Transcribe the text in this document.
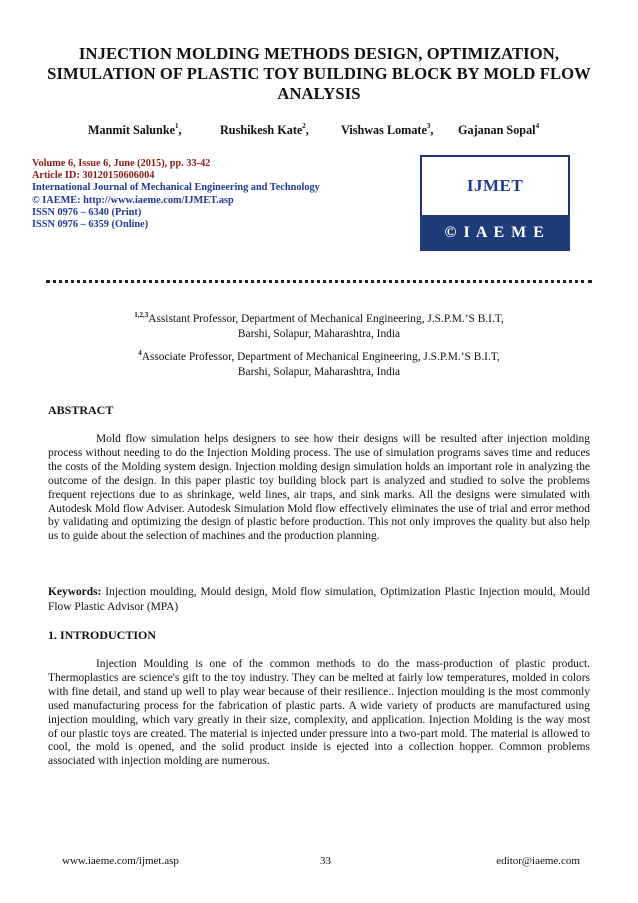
INJECTION MOLDING METHODS DESIGN, OPTIMIZATION, SIMULATION OF PLASTIC TOY BUILDING BLOCK BY MOLD FLOW ANALYSIS
Manmit Salunke$^1$,	Rushikesh Kate$^2$,	Vishwas Lomate$^3$, Gajanan Sopal$^4$
Volume 6, Issue 6, June (2015), pp. 33-42
Article ID: 30120150606004
International Journal of Mechanical Engineering and Technology
© IAEME: http://www.iaeme.com/IJMET.asp
ISSN 0976 – 6340 (Print)
ISSN 0976 – 6359 (Online)
IJMET
© I A E M E
$^{1,2,3}$Assistant Professor, Department of Mechanical Engineering, J.S.P.M.’S B.I.T,
Barshi, Solapur, Maharashtra, India
$^4$Associate Professor, Department of Mechanical Engineering, J.S.P.M.’S B.I.T,
Barshi, Solapur, Maharashtra, India
ABSTRACT
Mold flow simulation helps designers to see how their designs will be resulted after injection molding process without needing to do the Injection Molding process. The use of simulation programs saves time and reduces the costs of the Molding system design. Injection molding design simulation holds an important role in analyzing the outcome of the design. In this paper plastic toy building block part is analyzed and studied to solve the problems frequent rejections due to as shrinkage, weld lines, air traps, and sink marks. All the designs were simulated with Autodesk Mold flow Adviser. Autodesk Simulation Mold flow effectively eliminates the use of trial and error method by validating and optimizing the design of plastic before production. This not only improves the quality but also help us to guide about the selection of machines and the production planning.
Keywords: Injection moulding, Mould design, Mold flow simulation, Optimization Plastic Injection mould, Mould Flow Plastic Advisor (MPA)
1. INTRODUCTION
Injection Moulding is one of the common methods to do the mass-production of plastic product. Thermoplastics are science's gift to the toy industry. They can be melted at fairly low temperatures, molded in colors with fine detail, and stand up well to play wear because of their resilience.. Injection moulding is the most commonly used manufacturing process for the fabrication of plastic parts. A wide variety of products are manufactured using injection moulding, which vary greatly in their size, complexity, and application. Injection Molding is the way most of our plastic toys are created. The material is injected under pressure into a two-part mold. The material is allowed to cool, the mold is opened, and the solid product inside is ejected into a collection hopper. Common problems associated with injection molding are numerous.
www.iaeme.com/ijmet.asp	33	editor@iaeme.com
